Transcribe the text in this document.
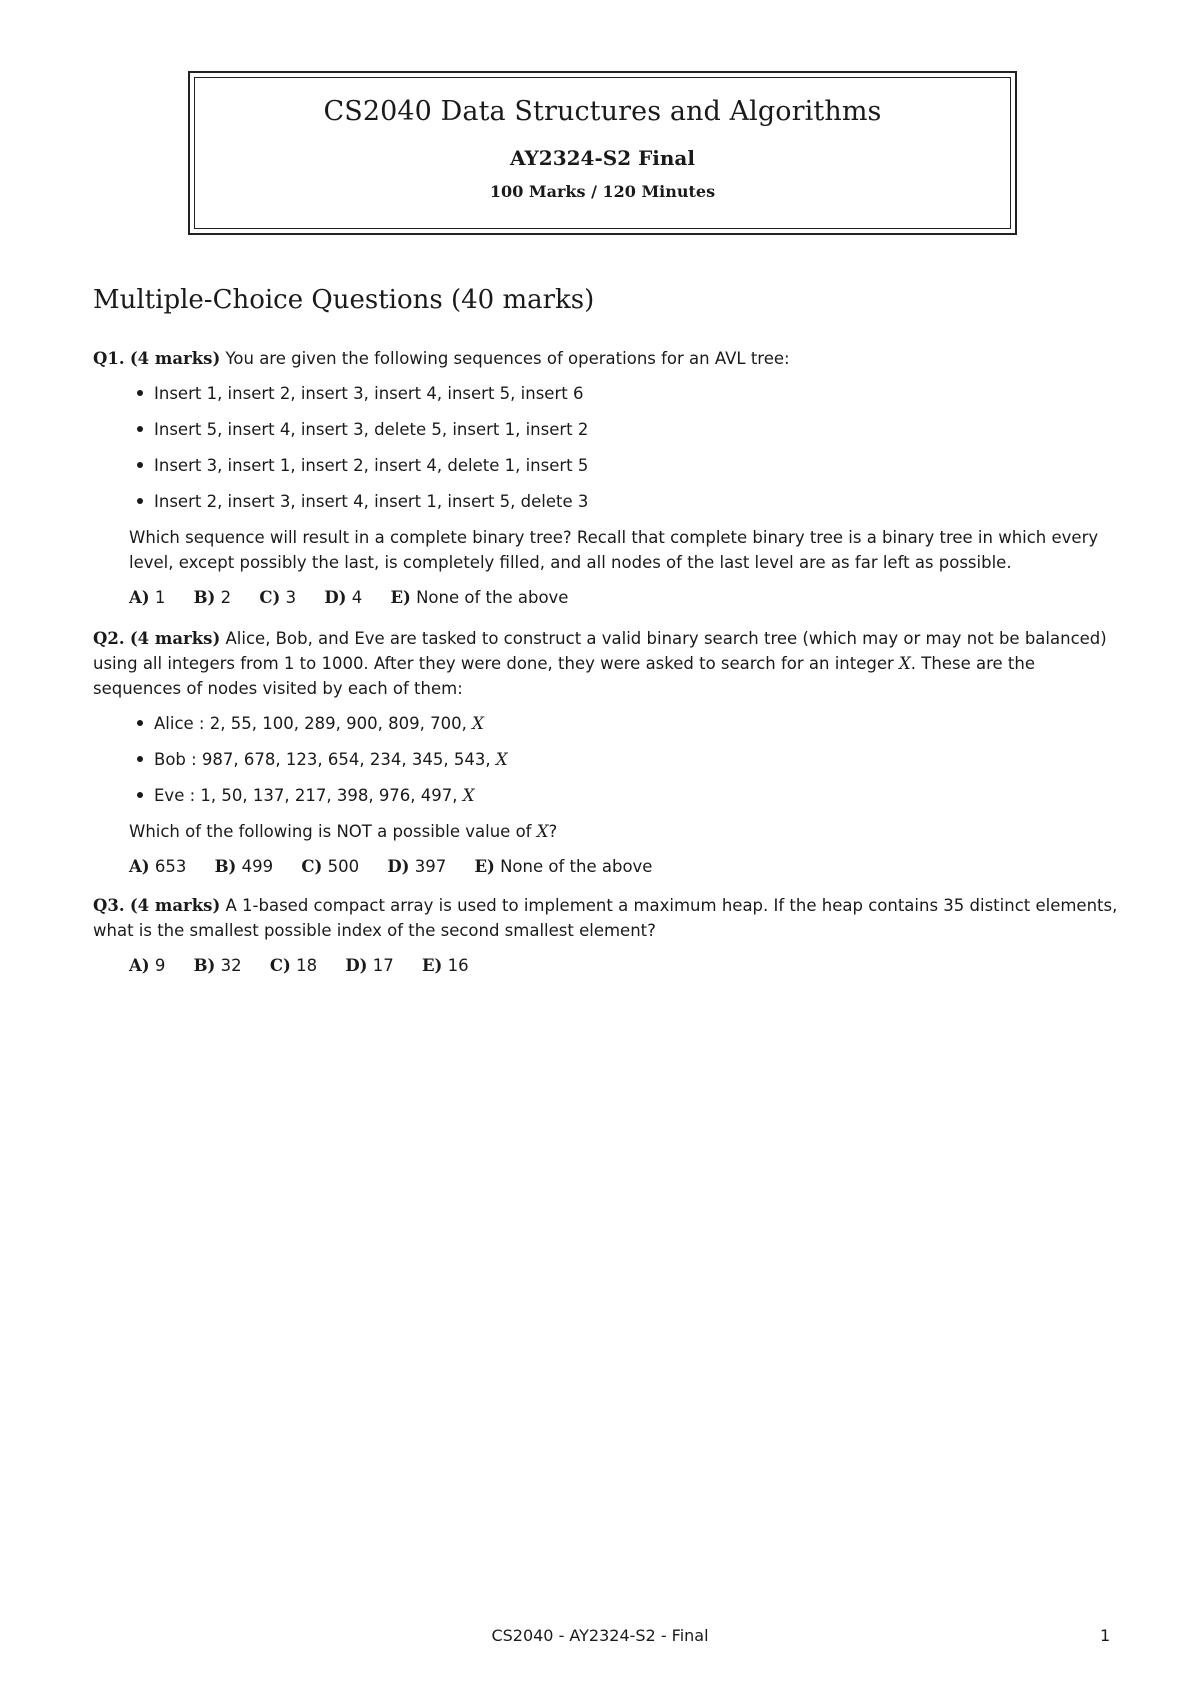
CS2040 Data Structures and Algorithms
AY2324-S2 Final
100 Marks / 120 Minutes
Multiple-Choice Questions (40 marks)
Q1. (4 marks) You are given the following sequences of operations for an AVL tree:
Insert 1, insert 2, insert 3, insert 4, insert 5, insert 6
Insert 5, insert 4, insert 3, delete 5, insert 1, insert 2
Insert 3, insert 1, insert 2, insert 4, delete 1, insert 5
Insert 2, insert 3, insert 4, insert 1, insert 5, delete 3
Which sequence will result in a complete binary tree? Recall that complete binary tree is a binary tree in which every level, except possibly the last, is completely filled, and all nodes of the last level are as far left as possible.
A) 1 B) 2 C) 3 D) 4 E) None of the above
Q2. (4 marks) Alice, Bob, and Eve are tasked to construct a valid binary search tree (which may or may not be balanced) using all integers from 1 to 1000. After they were done, they were asked to search for an integer X. These are the sequences of nodes visited by each of them:
Alice : 2, 55, 100, 289, 900, 809, 700, X
Bob : 987, 678, 123, 654, 234, 345, 543, X
Eve : 1, 50, 137, 217, 398, 976, 497, X
Which of the following is NOT a possible value of X?
A) 653 B) 499 C) 500 D) 397 E) None of the above
Q3. (4 marks) A 1-based compact array is used to implement a maximum heap. If the heap contains 35 distinct elements, what is the smallest possible index of the second smallest element?
A) 9 B) 32 C) 18 D) 17 E) 16
CS2040 - AY2324-S2 - Final	1
